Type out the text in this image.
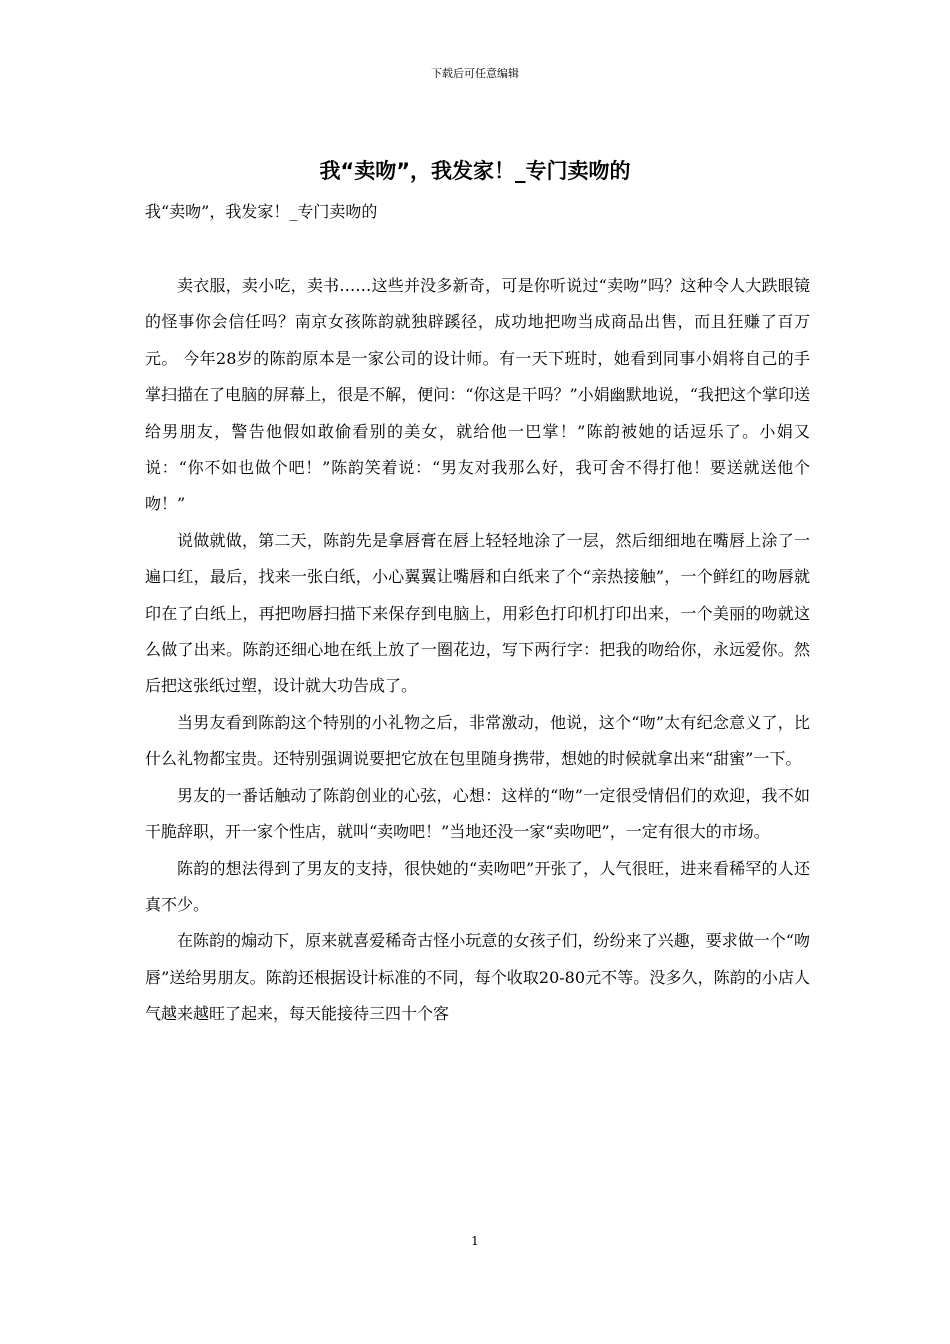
下载后可任意编辑
我“卖吻”，我发家！_专门卖吻的

我“卖吻”，我发家！_专门卖吻的

卖衣服，卖小吃，卖书……这些并没多新奇，可是你听说过“卖吻”吗？这种令人大跌眼镜的怪事你会信任吗？南京女孩陈韵就独辟蹊径，成功地把吻当成商品出售，而且狂赚了百万元。 今年28岁的陈韵原本是一家公司的设计师。有一天下班时，她看到同事小娟将自己的手掌扫描在了电脑的屏幕上，很是不解，便问：“你这是干吗？”小娟幽默地说，“我把这个掌印送给男朋友，警告他假如敢偷看别的美女，就给他一巴掌！”陈韵被她的话逗乐了。小娟又说：“你不如也做个吧！”陈韵笑着说：“男友对我那么好，我可舍不得打他！要送就送他个吻！”

说做就做，第二天，陈韵先是拿唇膏在唇上轻轻地涂了一层，然后细细地在嘴唇上涂了一遍口红，最后，找来一张白纸，小心翼翼让嘴唇和白纸来了个“亲热接触”，一个鲜红的吻唇就印在了白纸上，再把吻唇扫描下来保存到电脑上，用彩色打印机打印出来，一个美丽的吻就这么做了出来。陈韵还细心地在纸上放了一圈花边，写下两行字：把我的吻给你，永远爱你。然后把这张纸过塑，设计就大功告成了。

当男友看到陈韵这个特别的小礼物之后，非常激动，他说，这个“吻”太有纪念意义了，比什么礼物都宝贵。还特别强调说要把它放在包里随身携带，想她的时候就拿出来“甜蜜”一下。

男友的一番话触动了陈韵创业的心弦，心想：这样的“吻”一定很受情侣们的欢迎，我不如干脆辞职，开一家个性店，就叫“卖吻吧！”当地还没一家“卖吻吧”，一定有很大的市场。

陈韵的想法得到了男友的支持，很快她的“卖吻吧”开张了，人气很旺，进来看稀罕的人还真不少。

在陈韵的煽动下，原来就喜爱稀奇古怪小玩意的女孩子们，纷纷来了兴趣，要求做一个“吻唇”送给男朋友。陈韵还根据设计标准的不同，每个收取20-80元不等。没多久，陈韵的小店人气越来越旺了起来，每天能接待三四十个客

1
